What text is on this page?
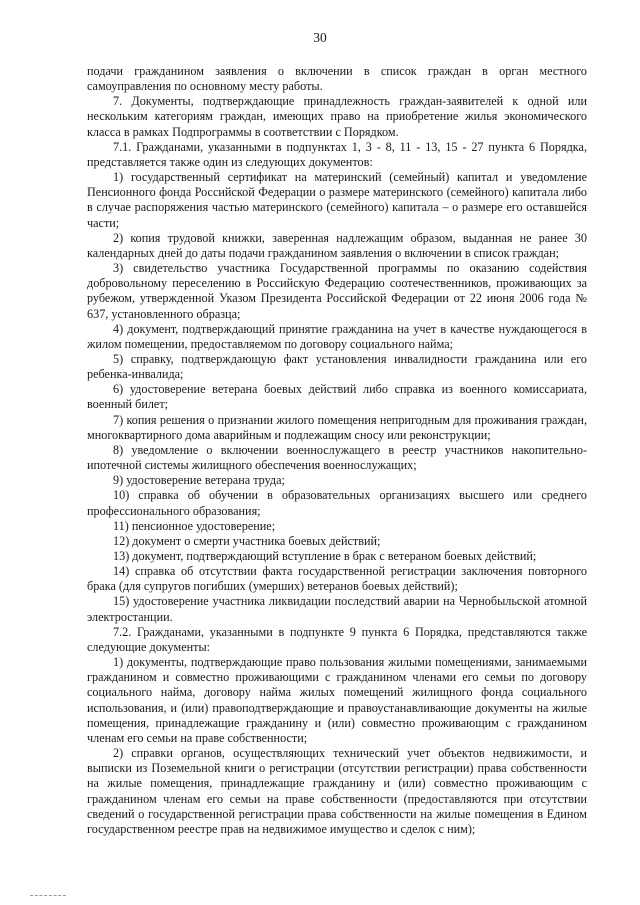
30

подачи гражданином заявления о включении в список граждан в орган местного самоуправления по основному месту работы.

7. Документы, подтверждающие принадлежность граждан-заявителей к одной или нескольким категориям граждан, имеющих право на приобретение жилья экономического класса в рамках Подпрограммы в соответствии с Порядком.

7.1. Гражданами, указанными в подпунктах 1, 3 - 8, 11 - 13, 15 - 27 пункта 6 Порядка, представляется также один из следующих документов:

1) государственный сертификат на материнский (семейный) капитал и уведомление Пенсионного фонда Российской Федерации о размере материнского (семейного) капитала либо в случае распоряжения частью материнского (семейного) капитала – о размере его оставшейся части;

2) копия трудовой книжки, заверенная надлежащим образом, выданная не ранее 30 календарных дней до даты подачи гражданином заявления о включении в список граждан;

3) свидетельство участника Государственной программы по оказанию содействия добровольному переселению в Российскую Федерацию соотечественников, проживающих за рубежом, утвержденной Указом Президента Российской Федерации от 22 июня 2006 года № 637, установленного образца;

4) документ, подтверждающий принятие гражданина на учет в качестве нуждающегося в жилом помещении, предоставляемом по договору социального найма;

5) справку, подтверждающую факт установления инвалидности гражданина или его ребенка-инвалида;

6) удостоверение ветерана боевых действий либо справка из военного комиссариата, военный билет;

7) копия решения о признании жилого помещения непригодным для проживания граждан, многоквартирного дома аварийным и подлежащим сносу или реконструкции;

8) уведомление о включении военнослужащего в реестр участников накопительно-ипотечной системы жилищного обеспечения военнослужащих;

9) удостоверение ветерана труда;

10) справка об обучении в образовательных организациях высшего или среднего профессионального образования;

11) пенсионное удостоверение;

12) документ о смерти участника боевых действий;

13) документ, подтверждающий вступление в брак с ветераном боевых действий;

14) справка об отсутствии факта государственной регистрации заключения повторного брака (для супругов погибших (умерших) ветеранов боевых действий);

15) удостоверение участника ликвидации последствий аварии на Чернобыльской атомной электростанции.

7.2. Гражданами, указанными в подпункте 9 пункта 6 Порядка, представляются также следующие документы:

1) документы, подтверждающие право пользования жилыми помещениями, занимаемыми гражданином и совместно проживающими с гражданином членами его семьи по договору социального найма, договору найма жилых помещений жилищного фонда социального использования, и (или) правоподтверждающие и правоустанавливающие документы на жилые помещения, принадлежащие гражданину и (или) совместно проживающим с гражданином членам его семьи на праве собственности;

2) справки органов, осуществляющих технический учет объектов недвижимости, и выписки из Поземельной книги о регистрации (отсутствии регистрации) права собственности на жилые помещения, принадлежащие гражданину и (или) совместно проживающим с гражданином членам его семьи на праве собственности (предоставляются при отсутствии сведений о государственной регистрации права собственности на жилые помещения в Едином государственном реестре прав на недвижимое имущество и сделок с ним);
